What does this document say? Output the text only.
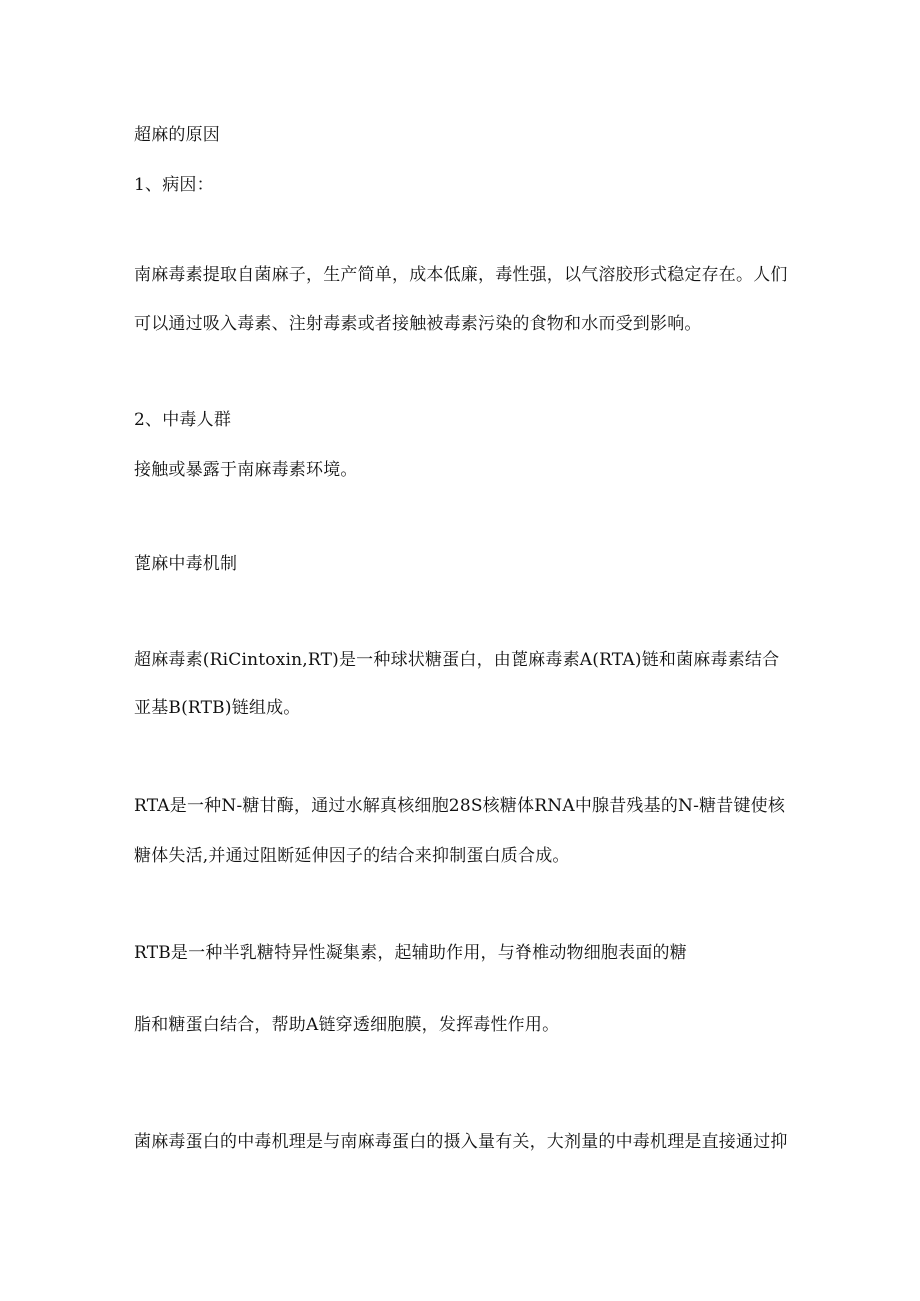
超麻的原因

1、病因：

南麻毒素提取自菌麻子，生产简单，成本低廉，毒性强，以气溶胶形式稳定存在。人们

可以通过吸入毒素、注射毒素或者接触被毒素污染的食物和水而受到影响。

2、中毒人群

接触或暴露于南麻毒素环境。

蓖麻中毒机制

超麻毒素(RiCintoxin,RT)是一种球状糖蛋白，由蓖麻毒素A(RTA)链和菌麻毒素结合

亚基B(RTB)链组成。

RTA是一种N-糖甘酶，通过水解真核细胞28S核糖体RNA中腺昔残基的N-糖昔键使核

糖体失活,并通过阻断延伸因子的结合来抑制蛋白质合成。

RTB是一种半乳糖特异性凝集素，起辅助作用，与脊椎动物细胞表面的糖

脂和糖蛋白结合，帮助A链穿透细胞膜，发挥毒性作用。

菌麻毒蛋白的中毒机理是与南麻毒蛋白的摄入量有关，大剂量的中毒机理是直接通过抑
